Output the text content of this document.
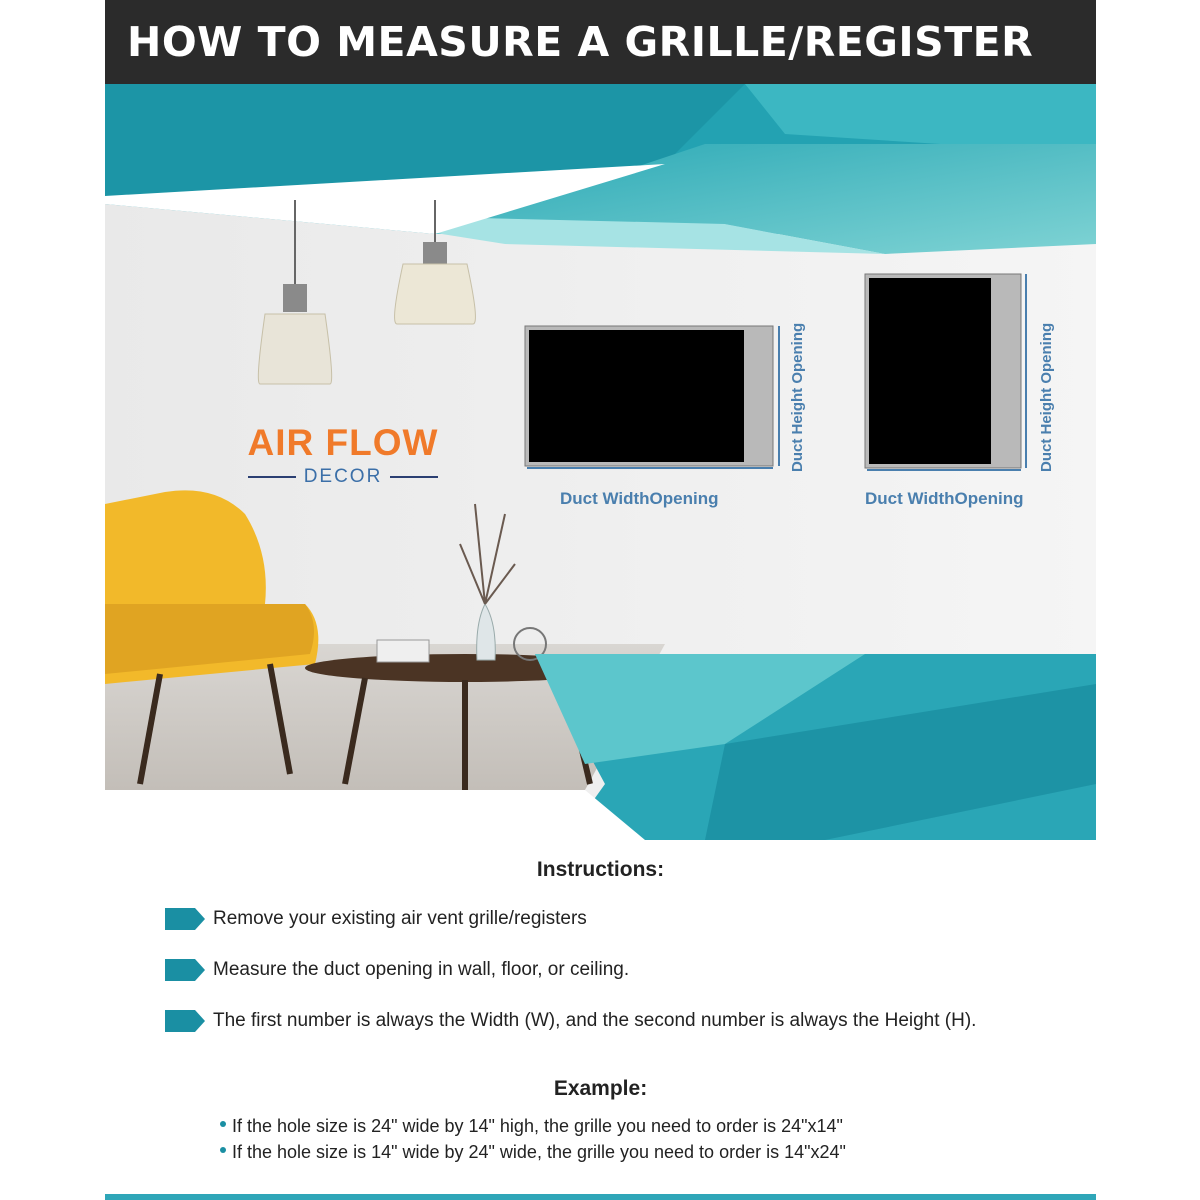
HOW TO MEASURE A GRILLE/REGISTER
AIR FLOW
DECOR
Duct WidthOpening
Duct Height Opening
Duct WidthOpening
Duct Height Opening
Instructions:
Remove your existing air vent grille/registers
Measure the duct opening in wall, floor, or ceiling.
The first number is always the Width (W), and the second number is always the Height (H).
Example:
If the hole size is 24" wide by 14" high, the grille you need to order is 24"x14"
If the hole size is 14" wide by 24" wide, the grille you need to order is 14"x24"
